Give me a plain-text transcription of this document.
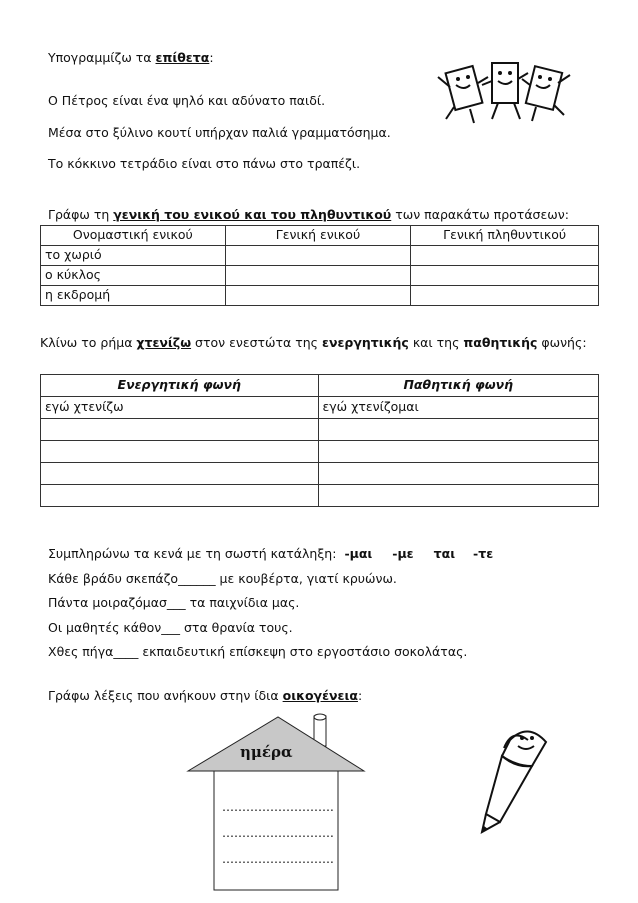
Υπογραμμίζω τα επίθετα:
Ο Πέτρος είναι ένα ψηλό και αδύνατο παιδί.
Μέσα στο ξύλινο κουτί υπήρχαν παλιά γραμματόσημα.
Το κόκκινο τετράδιο είναι στο πάνω στο τραπέζι.
Γράφω τη γενική του ενικού και του πληθυντικού των παρακάτω προτάσεων:
Ονομαστική ενικού	Γενική ενικού	Γενική πληθυντικού
το χωριό		
ο κύκλος		
η εκδρομή		
Κλίνω το ρήμα χτενίζω στον ενεστώτα της ενεργητικής και της παθητικής φωνής:
Ενεργητική φωνή	Παθητική φωνή
εγώ χτενίζω	εγώ χτενίζομαι

Συμπληρώνω τα κενά με τη σωστή κατάληξη: -μαι -με ται -τε
Κάθε βράδυ σκεπάζο______ με κουβέρτα, γιατί κρυώνω.
Πάντα μοιραζόμασ___ τα παιχνίδια μας.
Οι μαθητές κάθον___ στα θρανία τους.
Χθες πήγα____ εκπαιδευτική επίσκεψη στο εργοστάσιο σοκολάτας.
Γράφω λέξεις που ανήκουν στην ίδια οικογένεια:
ημέρα
……………………….
……………………….
……………………….
